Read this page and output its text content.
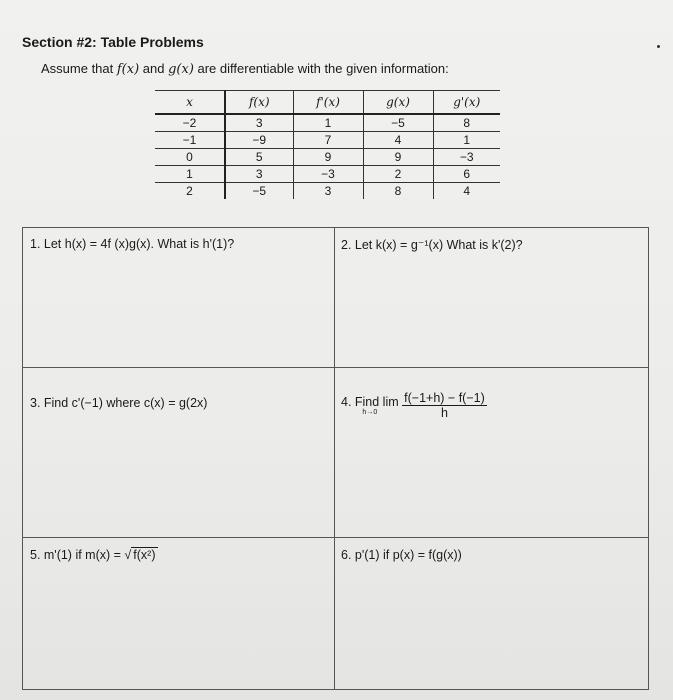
Section #2: Table Problems
Assume that f(x) and g(x) are differentiable with the given information:
x	f(x)	f'(x)	g(x)	g'(x)
−2	3	1	−5	8
−1	−9	7	4	1
0	5	9	9	−3
1	3	−3	2	6
2	−5	3	8	4
1. Let h(x) = 4f (x)g(x). What is h'(1)?	2. Let k(x) = g⁻¹(x) What is k'(2)?
3. Find c'(−1) where c(x) = g(2x)	4. Find lim
h→0
	$\frac{f(-1+h) - f(-1)}{h}$
5. m'(1) if m(x) = √ f(x²)	6. p'(1) if p(x) = f(g(x))
